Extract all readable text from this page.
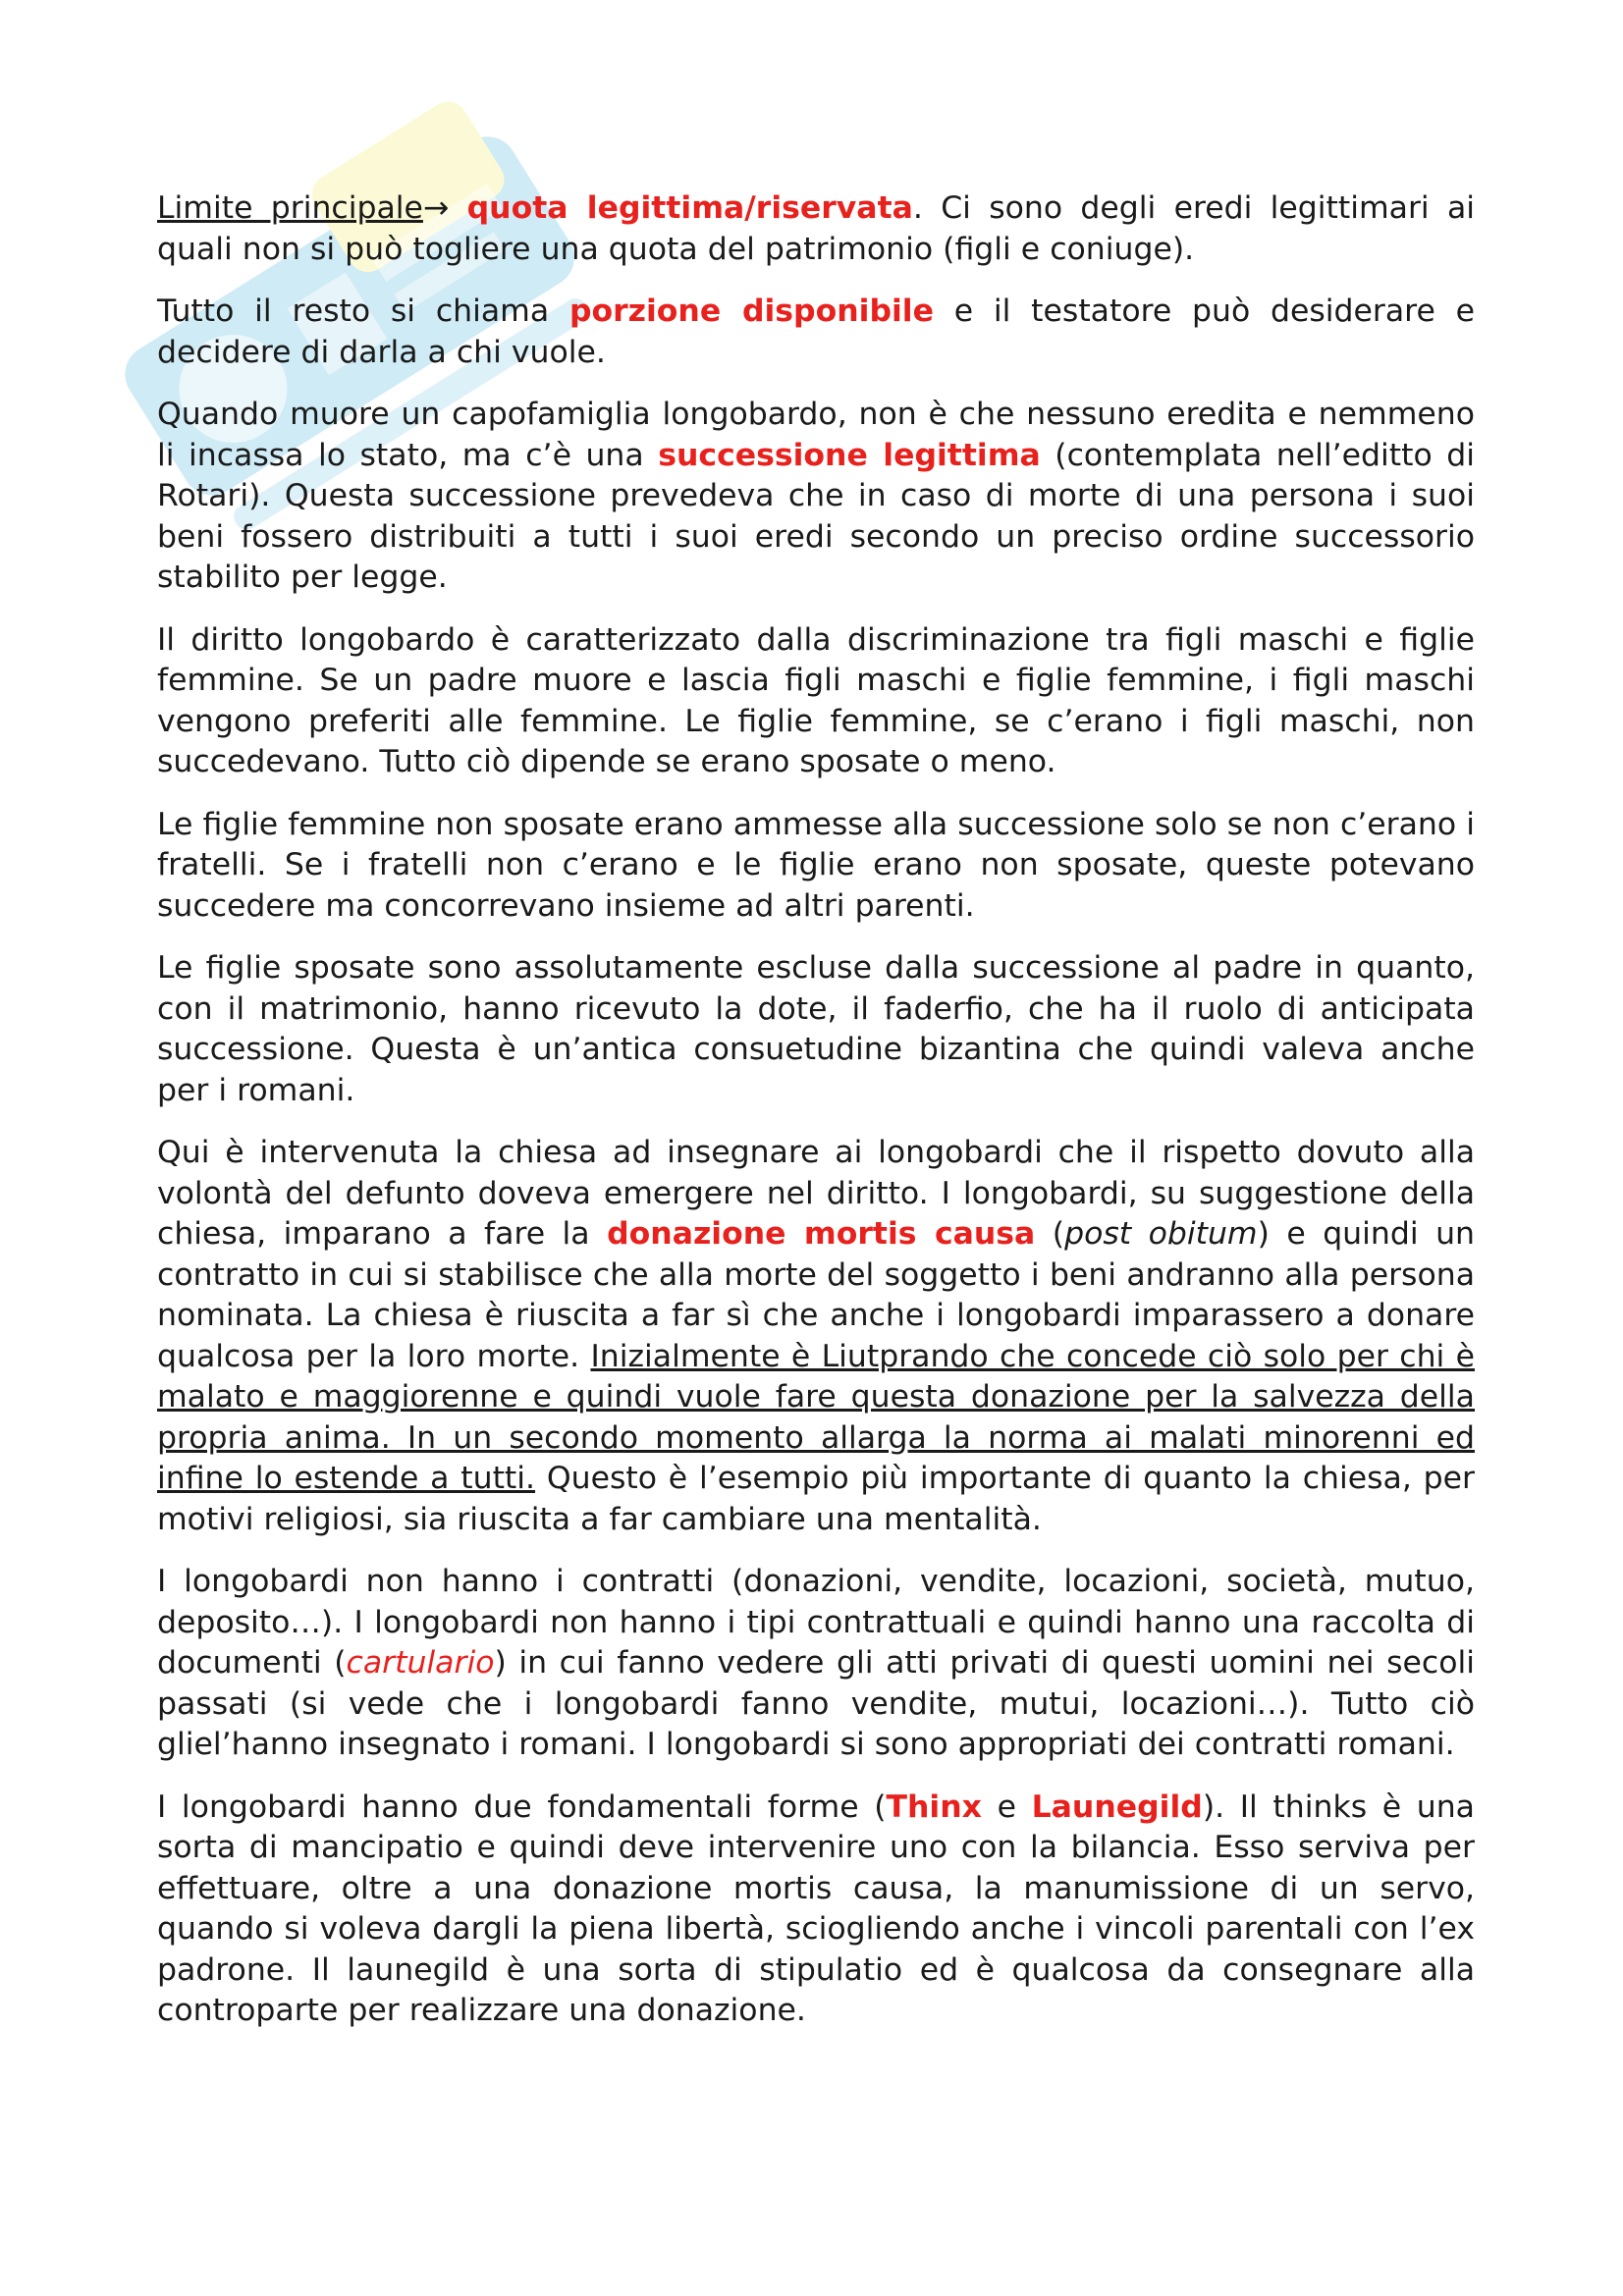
Limite principale→ quota legittima/riservata. Ci sono degli eredi legittimari ai quali non si può togliere una quota del patrimonio (figli e coniuge).

Tutto il resto si chiama porzione disponibile e il testatore può desiderare e decidere di darla a chi vuole.

Quando muore un capofamiglia longobardo, non è che nessuno eredita e nemmeno li incassa lo stato, ma c’è una successione legittima (contemplata nell’editto di Rotari). Questa successione prevedeva che in caso di morte di una persona i suoi beni fossero distribuiti a tutti i suoi eredi secondo un preciso ordine successorio stabilito per legge.

Il diritto longobardo è caratterizzato dalla discriminazione tra figli maschi e figlie femmine. Se un padre muore e lascia figli maschi e figlie femmine, i figli maschi vengono preferiti alle femmine. Le figlie femmine, se c’erano i figli maschi, non succedevano. Tutto ciò dipende se erano sposate o meno.

Le figlie femmine non sposate erano ammesse alla successione solo se non c’erano i fratelli. Se i fratelli non c’erano e le figlie erano non sposate, queste potevano succedere ma concorrevano insieme ad altri parenti.

Le figlie sposate sono assolutamente escluse dalla successione al padre in quanto, con il matrimonio, hanno ricevuto la dote, il faderfio, che ha il ruolo di anticipata successione. Questa è un’antica consuetudine bizantina che quindi valeva anche per i romani.

Qui è intervenuta la chiesa ad insegnare ai longobardi che il rispetto dovuto alla volontà del defunto doveva emergere nel diritto. I longobardi, su suggestione della chiesa, imparano a fare la donazione mortis causa (post obitum) e quindi un contratto in cui si stabilisce che alla morte del soggetto i beni andranno alla persona nominata. La chiesa è riuscita a far sì che anche i longobardi imparassero a donare qualcosa per la loro morte. Inizialmente è Liutprando che concede ciò solo per chi è malato e maggiorenne e quindi vuole fare questa donazione per la salvezza della propria anima. In un secondo momento allarga la norma ai malati minorenni ed infine lo estende a tutti. Questo è l’esempio più importante di quanto la chiesa, per motivi religiosi, sia riuscita a far cambiare una mentalità.

I longobardi non hanno i contratti (donazioni, vendite, locazioni, società, mutuo, deposito…). I longobardi non hanno i tipi contrattuali e quindi hanno una raccolta di documenti (cartulario) in cui fanno vedere gli atti privati di questi uomini nei secoli passati (si vede che i longobardi fanno vendite, mutui, locazioni…). Tutto ciò gliel’hanno insegnato i romani. I longobardi si sono appropriati dei contratti romani.

I longobardi hanno due fondamentali forme (Thinx e Launegild). Il thinks è una sorta di mancipatio e quindi deve intervenire uno con la bilancia. Esso serviva per effettuare, oltre a una donazione mortis causa, la manumissione di un servo, quando si voleva dargli la piena libertà, sciogliendo anche i vincoli parentali con l’ex padrone. Il launegild è una sorta di stipulatio ed è qualcosa da consegnare alla controparte per realizzare una donazione.
